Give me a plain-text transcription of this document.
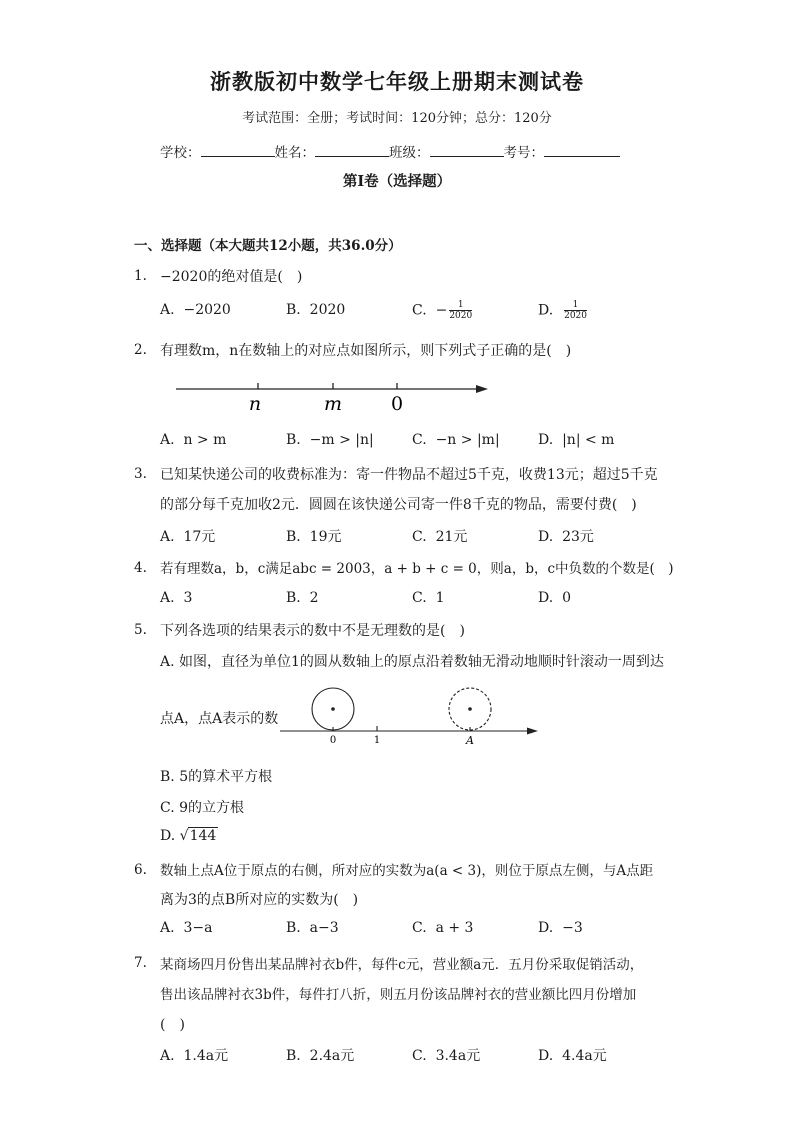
浙教版初中数学七年级上册期末测试卷
考试范围：全册；考试时间：120分钟；总分：120分
学校：	姓名：	班级：	考号：
第I卷（选择题）
一、选择题（本大题共12小题，共36.0分）
1. −2020的绝对值是(　)
A. −2020	B. 2020	C. − $\frac{1}{2020}$	D. $\frac{1}{2020}$
2. 有理数m，n在数轴上的对应点如图所示，则下列式子正确的是(　)
n	m	0
A. n > m	B. −m > |n|	C. −n > |m|	D. |n| < m
3. 已知某快递公司的收费标准为：寄一件物品不超过5千克，收费13元；超过5千克
的部分每千克加收2元．圆圆在该快递公司寄一件8千克的物品，需要付费(　)
A. 17元	B. 19元	C. 21元	D. 23元
4. 若有理数a，b，c满足abc = 2003，a + b + c = 0，则a，b，c中负数的个数是(　)
A. 3	B. 2	C. 1	D. 0
5. 下列各选项的结果表示的数中不是无理数的是(　)
A. 如图，直径为单位1的圆从数轴上的原点沿着数轴无滑动地顺时针滚动一周到达
点A，点A表示的数
0	1	A
B. 5的算术平方根
C. 9的立方根
D. √144
6. 数轴上点A位于原点的右侧，所对应的实数为a(a < 3)，则位于原点左侧，与A点距
离为3的点B所对应的实数为(　)
A. 3−a	B. a−3	C. a + 3	D. −3
7. 某商场四月份售出某品牌衬衣b件，每件c元，营业额a元．五月份采取促销活动，
售出该品牌衬衣3b件，每件打八折，则五月份该品牌衬衣的营业额比四月份增加
(　)
A. 1.4a元	B. 2.4a元	C. 3.4a元	D. 4.4a元
